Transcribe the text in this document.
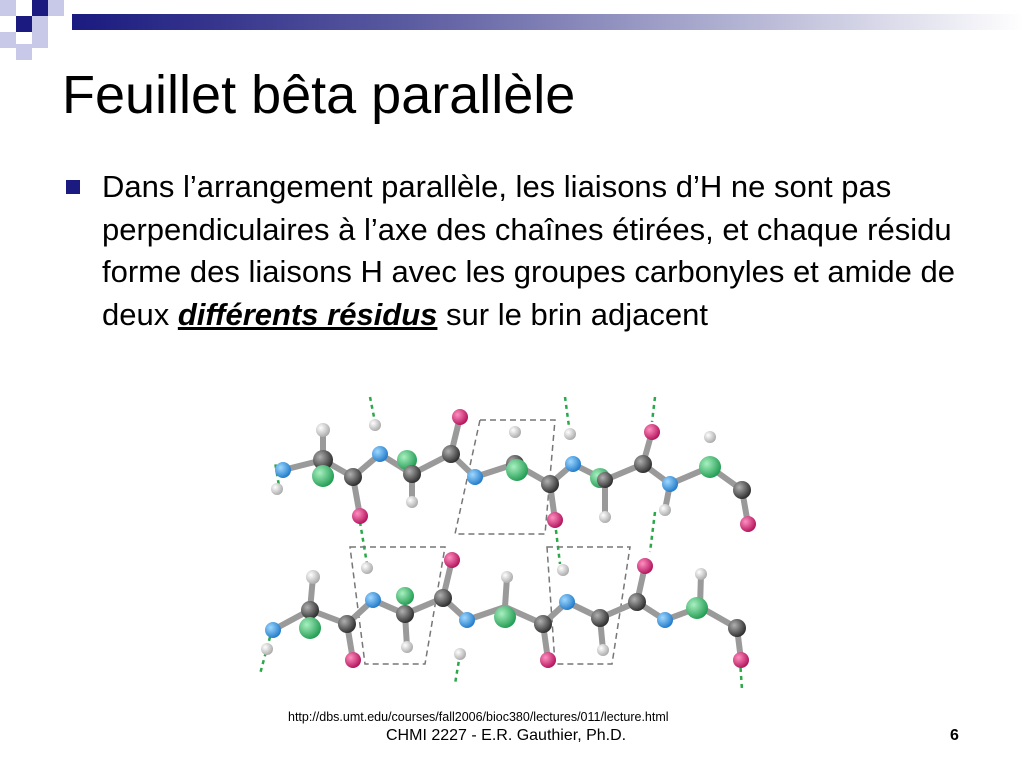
Feuillet bêta parallèle
Dans l’arrangement parallèle, les liaisons d’H ne sont pas perpendiculaires à l’axe des chaînes étirées, et chaque résidu forme des liaisons H avec les groupes carbonyles et amide de deux différents résidus sur le brin adjacent
http://dbs.umt.edu/courses/fall2006/bioc380/lectures/011/lecture.html
CHMI 2227 - E.R. Gauthier, Ph.D.	6
